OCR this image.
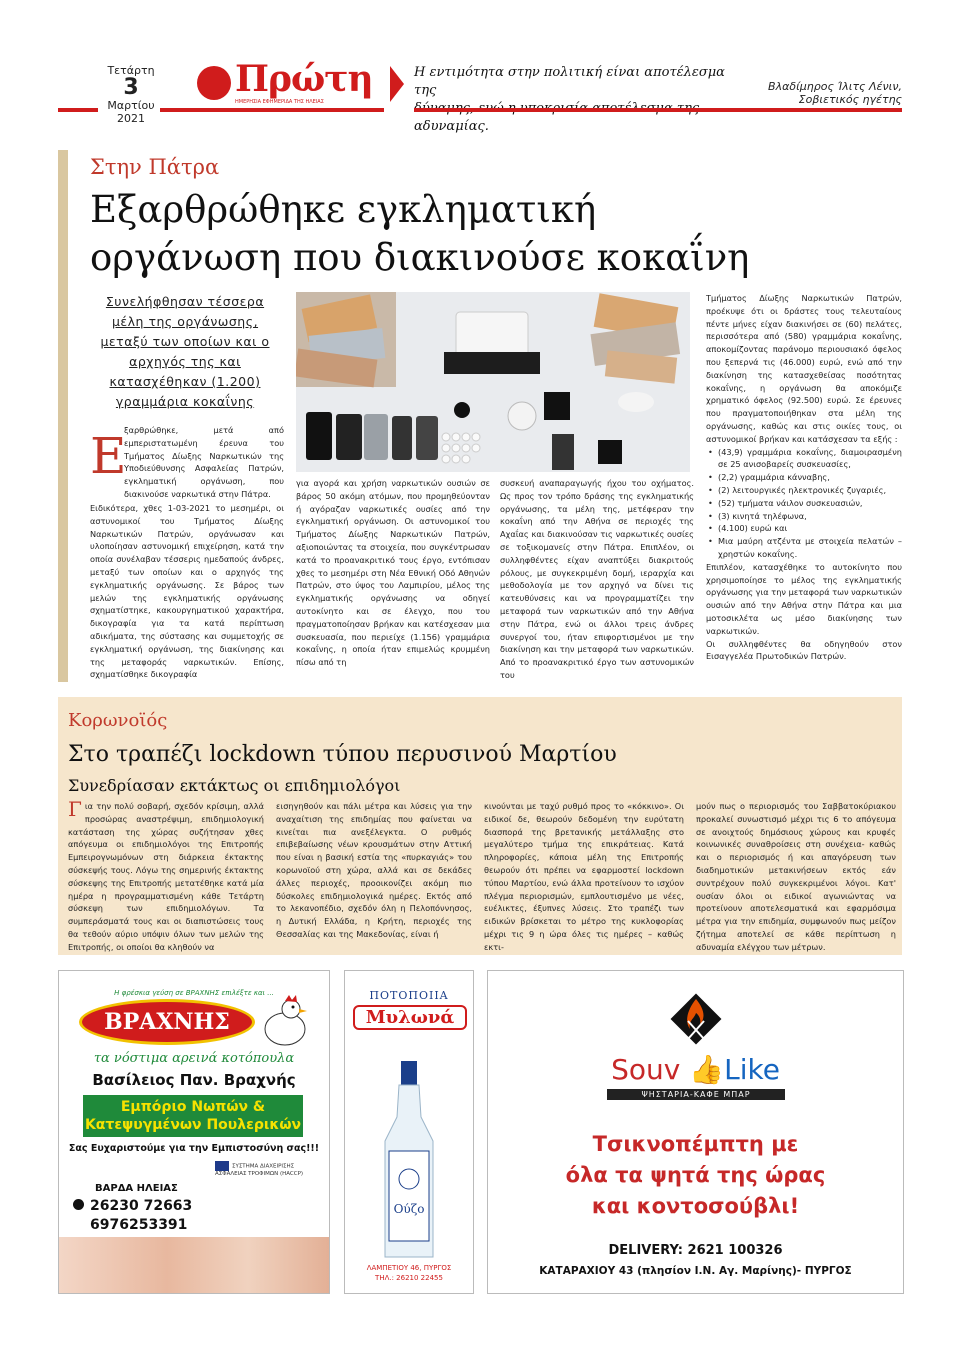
Τετάρτη
3
Μαρτίου
2021
Πρώτη
ΗΜΕΡΗΣΙΑ ΕΦΗΜΕΡΙΔΑ ΤΗΣ ΗΛΕΙΑΣ
Η εντιμότητα στην πολιτική είναι αποτέλεσμα της
αδυναμίας.
Βλαδίμηρος Ίλιτς Λένιν,
Σοβιετικός ηγέτης
Στην Πάτρα
Εξαρθρώθηκε εγκληματική
οργάνωση που διακινούσε κοκαΐνη
Συνελήφθησαν τέσσερα μέλη της οργάνωσης, μεταξύ των οποίων και ο αρχηγός της και κατασχέθηκαν (1.200) γραμμάρια κοκαΐνης
Ε
ξαρθρώθηκε, μετά από εμπεριστατωμένη έρευνα του Τμήματος Δίωξης Ναρκωτικών της Υποδιεύθυνσης Ασφαλείας Πατρών, εγκληματική οργάνωση, που διακινούσε ναρκωτικά στην Πάτρα.
Ειδικότερα, χθες 1-03-2021 το μεσημέρι, οι αστυνομικοί του Τμήματος Δίωξης Ναρκωτικών Πατρών, οργάνωσαν και υλοποίησαν αστυνομική επιχείρηση, κατά την οποία συνέλαβαν τέσσερις ημεδαπούς άνδρες, μεταξύ των οποίων και ο αρχηγός της εγκληματικής οργάνωσης. Σε βάρος των μελών της εγκληματικής οργάνωσης σχηματίστηκε, κακουργηματικού χαρακτήρα, δικογραφία για τα κατά περίπτωση αδικήματα, της σύστασης και συμμετοχής σε εγκληματική οργάνωση, της διακίνησης και της μεταφοράς ναρκωτικών. Επίσης, σχηματίσθηκε δικογραφία
για αγορά και χρήση ναρκωτικών ουσιών σε βάρος 50 ακόμη ατόμων, που προμηθεύονταν ή αγόραζαν ναρκωτικές ουσίες από την εγκληματική οργάνωση. Οι αστυνομικοί του Τμήματος Δίωξης Ναρκωτικών Πατρών, αξιοποιώντας τα στοιχεία, που συγκέντρωσαν κατά το προανακριτικό τους έργο, εντόπισαν χθες το μεσημέρι στη Νέα Εθνική Οδό Αθηνών Πατρών, στο ύψος του Λαμπιρίου, μέλος της εγκληματικής οργάνωσης να οδηγεί αυτοκίνητο και σε έλεγχο, που του πραγματοποίησαν βρήκαν και κατέσχεσαν μια συσκευασία, που περιείχε (1.156) γραμμάρια κοκαΐνης, η οποία ήταν επιμελώς κρυμμένη πίσω από τη
συσκευή αναπαραγωγής ήχου του οχήματος. Ως προς τον τρόπο δράσης της εγκληματικής οργάνωσης, τα μέλη της, μετέφεραν την κοκαΐνη από την Αθήνα σε περιοχές της Αχαΐας και διακινούσαν τις ναρκωτικές ουσίες σε τοξικομανείς στην Πάτρα. Επιπλέον, οι συλληφθέντες είχαν αναπτύξει διακριτούς ρόλους, με συγκεκριμένη δομή, ιεραρχία και μεθοδολογία με τον αρχηγό να δίνει τις κατευθύνσεις και να προγραμματίζει την μεταφορά των ναρκωτικών από την Αθήνα στην Πάτρα, ενώ οι άλλοι τρεις άνδρες συνεργοί του, ήταν επιφορτισμένοι με την διακίνηση και την μεταφορά των ναρκωτικών. Από το προανακριτικό έργο των αστυνομικών του

Τμήματος Δίωξης Ναρκωτικών Πατρών, προέκυψε ότι οι δράστες τους τελευταίους πέντε μήνες είχαν διακινήσει σε (60) πελάτες, περισσότερα από (580) γραμμάρια κοκαΐνης, αποκομίζοντας παράνομο περιουσιακό όφελος που ξεπερνά τις (46.000) ευρώ, ενώ από την διακίνηση της κατασχεθείσας ποσότητας κοκαΐνης, η οργάνωση θα αποκόμιζε χρηματικό όφελος (92.500) ευρώ. Σε έρευνες που πραγματοποιήθηκαν στα μέλη της οργάνωσης, καθώς και στις οικίες τους, οι αστυνομικοί βρήκαν και κατάσχεσαν τα εξής :

• (43,9) γραμμάρια κοκαΐνης, διαμοιρασμένη σε 25 ανισοβαρείς συσκευασίες,
• (2,2) γραμμάρια κάνναβης,
• (2) λειτουργικές ηλεκτρονικές ζυγαριές,
• (52) τμήματα νάιλον συσκευασιών,
• (3) κινητά τηλέφωνα,
• (4.100) ευρώ και
• Μια μαύρη ατζέντα με στοιχεία πελατών – χρηστών κοκαΐνης.

Επιπλέον, κατασχέθηκε το αυτοκίνητο που χρησιμοποίησε το μέλος της εγκληματικής οργάνωσης για την μεταφορά των ναρκωτικών ουσιών από την Αθήνα στην Πάτρα και μια μοτοσικλέτα ως μέσο διακίνησης των ναρκωτικών.

Οι συλληφθέντες θα οδηγηθούν στον Εισαγγελέα Πρωτοδικών Πατρών.

Κορωνοϊός
Στο τραπέζι lockdown τύπου περυσινού Μαρτίου
Συνεδρίασαν εκτάκτως οι επιδημιολόγοι
Για την πολύ σοβαρή, σχεδόν κρίσιμη, αλλά προσώρας αναστρέψιμη, επιδημιολογική κατάσταση της χώρας συζήτησαν χθες απόγευμα οι επιδημιολόγοι της Επιτροπής Εμπειρογνωμόνων στη διάρκεια έκτακτης σύσκεψής τους. Λόγω της σημερινής έκτακτης σύσκεψης της Επιτροπής μετατέθηκε κατά μία ημέρα η προγραμματισμένη κάθε Τετάρτη σύσκεψη των επιδημιολόγων. Τα συμπεράσματά τους και οι διαπιστώσεις τους θα τεθούν αύριο υπόψιν όλων των μελών της Επιτροπής, οι οποίοι θα κληθούν να
εισηγηθούν και πάλι μέτρα και λύσεις για την αναχαίτιση της επιδημίας που φαίνεται να κινείται πια ανεξέλεγκτα. Ο ρυθμός επιβεβαίωσης νέων κρουσμάτων στην Αττική που είναι η βασική εστία της «πυρκαγιάς» του κορωνοϊού στη χώρα, αλλά και σε δεκάδες άλλες περιοχές, προοικονίζει ακόμη πιο δύσκολες επιδημιολογικά ημέρες. Εκτός από το λεκανοπέδιο, σχεδόν όλη η Πελοπόννησος, η Δυτική Ελλάδα, η Κρήτη, περιοχές της Θεσσαλίας και της Μακεδονίας, είναι ή
κινούνται με ταχύ ρυθμό προς το «κόκκινο». Οι ειδικοί δε, θεωρούν δεδομένη την ευρύτατη διασπορά της βρετανικής μετάλλαξης στο μεγαλύτερο τμήμα της επικράτειας. Κατά πληροφορίες, κάποια μέλη της Επιτροπής θεωρούν ότι πρέπει να εφαρμοστεί lockdown τύπου Μαρτίου, ενώ άλλα προτείνουν το ισχύον πλέγμα περιορισμών, εμπλουτισμένο με νέες, ευέλικτες, έξυπνες λύσεις. Στο τραπέζι των ειδικών βρίσκεται το μέτρο της κυκλοφορίας μέχρι τις 9 η ώρα όλες τις ημέρες – καθώς εκτι-
μούν πως ο περιορισμός του Σαββατοκύριακου προκαλεί συνωστισμό μέχρι τις 6 το απόγευμα σε ανοιχτούς δημόσιους χώρους και κρυφές κοινωνικές συναθροίσεις στη συνέχεια- καθώς και ο περιορισμός ή και απαγόρευση των διαδημοτικών μετακινήσεων εκτός εάν συντρέχουν πολύ συγκεκριμένοι λόγοι. Κατ' ουσίαν όλοι οι ειδικοί αγωνιώντας να προτείνουν αποτελεσματικά και εφαρμόσιμα μέτρα για την επιδημία, συμφωνούν πως μείζον ζήτημα αποτελεί σε κάθε περίπτωση η αδυναμία ελέγχου των μέτρων.
Η φρέσκια γεύση σε ΒΡΑΧΝΗΣ επιλέξτε και ...
ΒΡΑΧΝΗΣ
τα νόστιμα αρεινά κοτόπουλα
Βασίλειος Παν. Βραχνής
Εμπόριο Νωπών &
Κατεψυγμένων Πουλερικών
Σας Ευχαριστούμε για την Εμπιστοσύνη σας!!!
ΣΥΣΤΗΜΑ ΔΙΑΧΕΙΡΙΣΗΣ ΑΣΦΑΛΕΙΑΣ ΤΡΟΦΙΜΩΝ (HACCP)
ΒΑΡΔΑ ΗΛΕΙΑΣ
26230 72663
6976253391
ΠΟΤΟΠΟΙΙΑ
Μυλωνά
Ούζο
ΛΑΜΠΕΤΙΟΥ 46, ΠΥΡΓΟΣ
ΤΗΛ.: 26210 22455
Souv 👍Like
ΨΗΣΤΑΡΙΑ-ΚΑΦΕ ΜΠΑΡ
Τσικνοπέμπτη με
όλα τα ψητά της ώρας
και κοντοσούβλι!
DELIVERY: 2621 100326
ΚΑΤΑΡΑΧΙΟΥ 43 (πλησίον Ι.Ν. Αγ. Μαρίνης)- ΠΥΡΓΟΣ
